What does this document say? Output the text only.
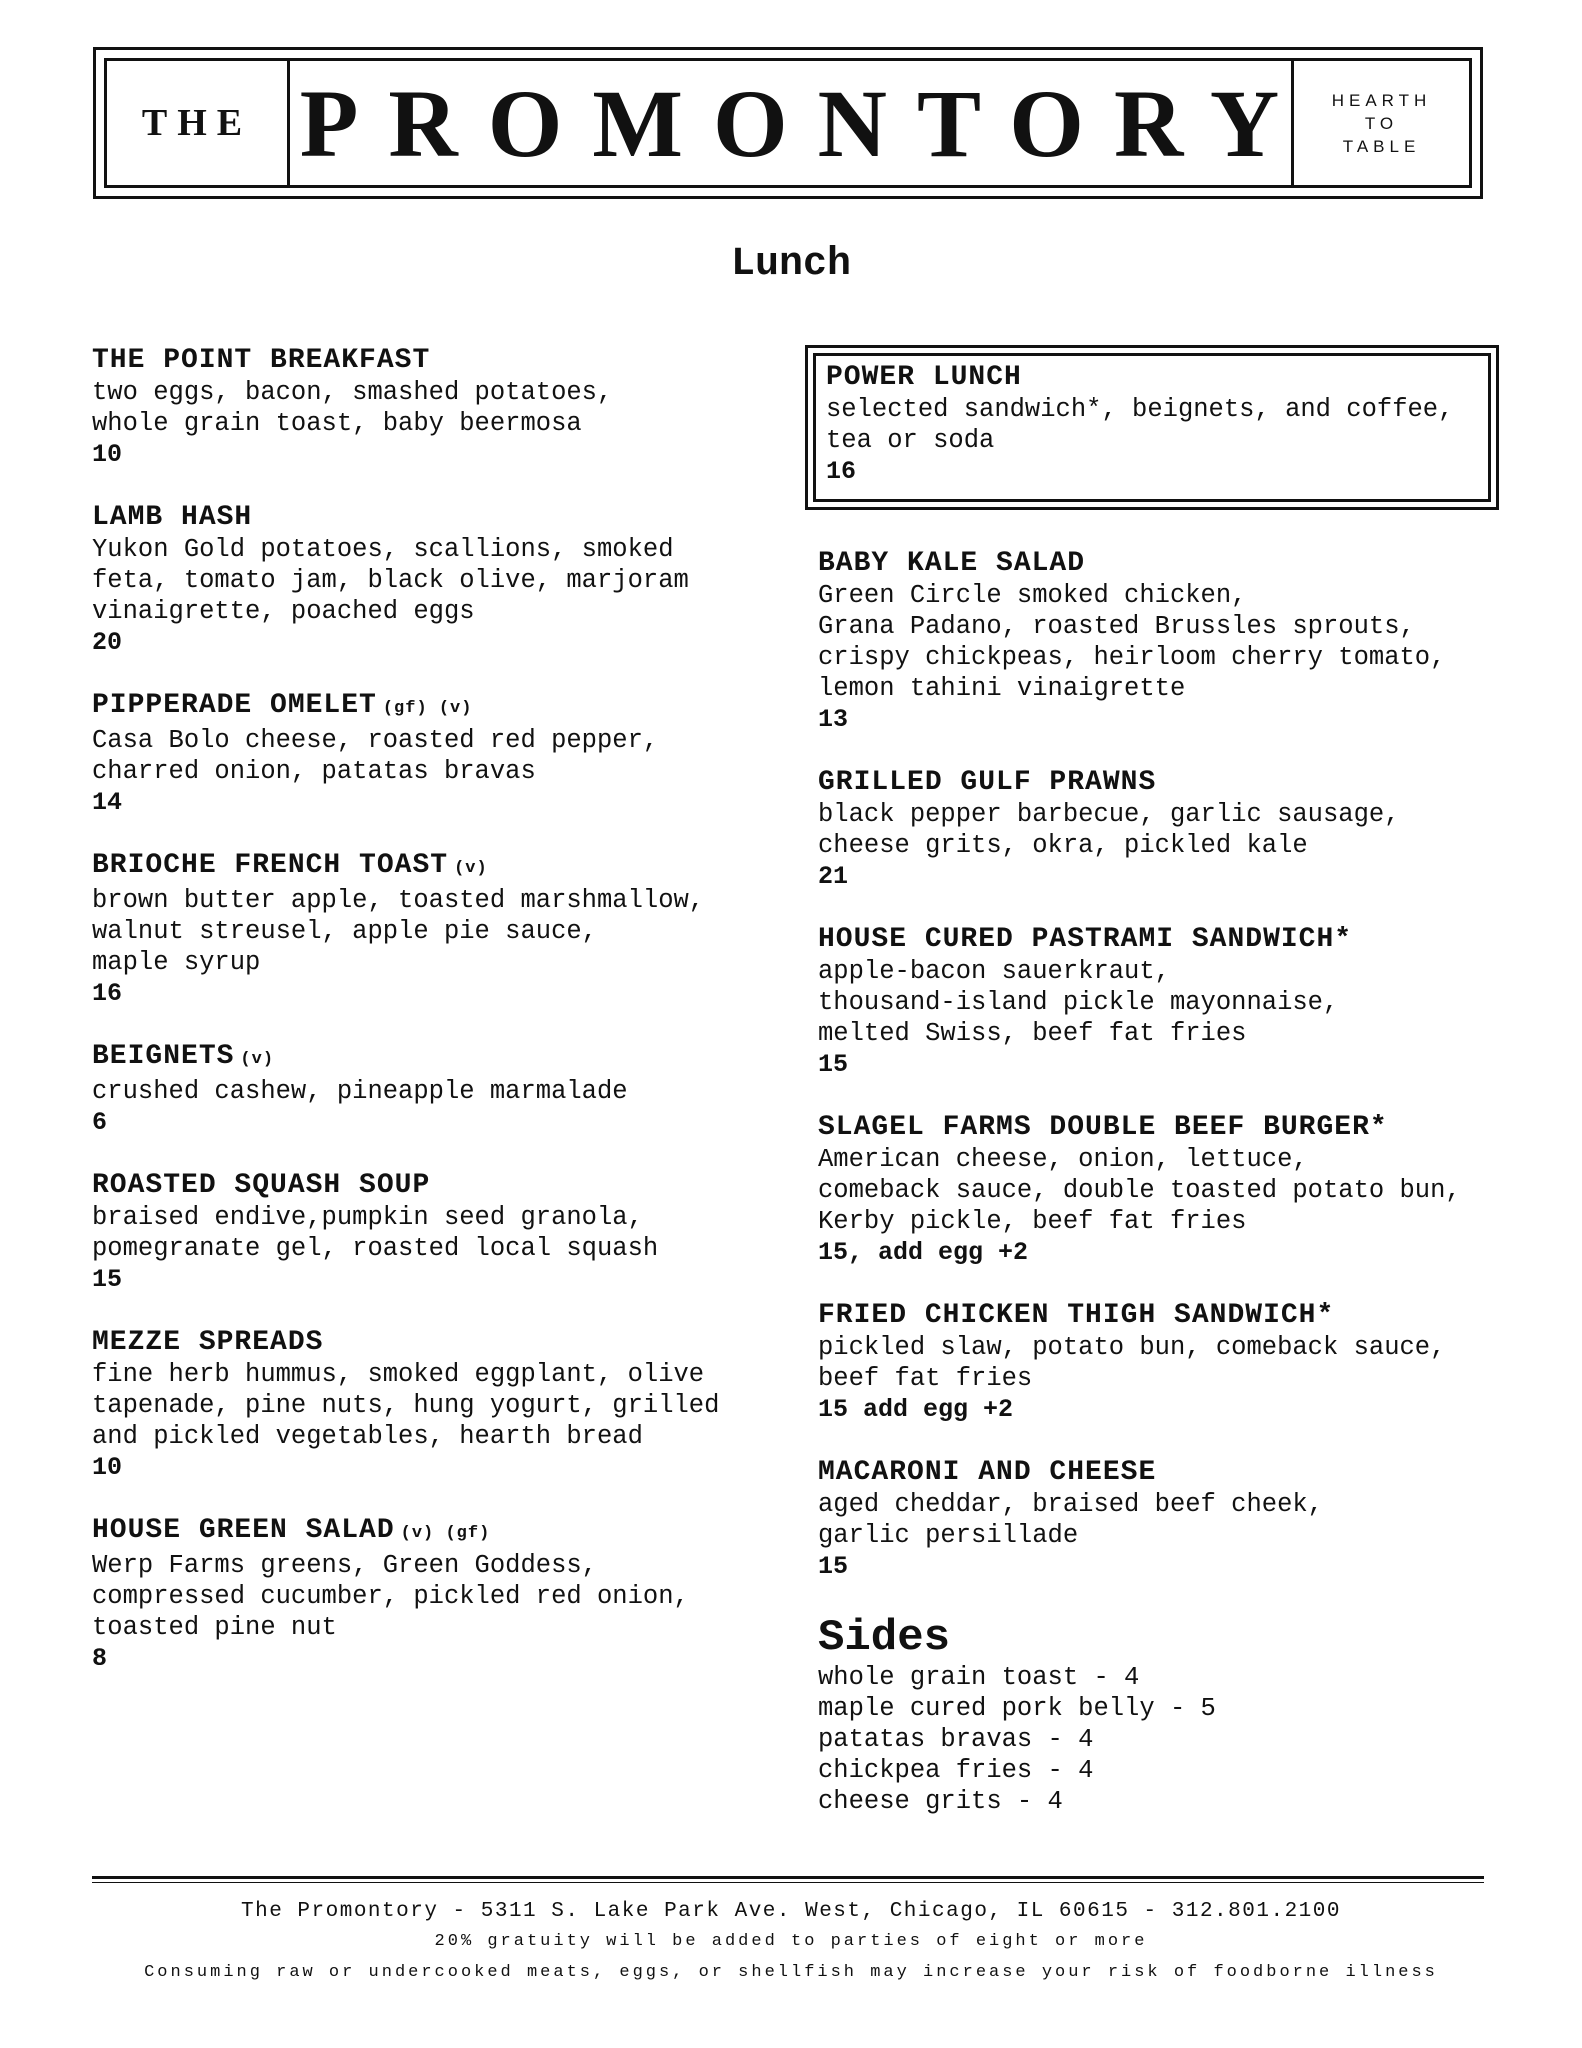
THE PROMONTORY HEARTH
TO
TABLE
Lunch
THE POINT BREAKFAST
two eggs, bacon, smashed potatoes,
whole grain toast, baby beermosa
10
LAMB HASH
Yukon Gold potatoes, scallions, smoked
feta, tomato jam, black olive, marjoram
vinaigrette, poached eggs
20
PIPPERADE OMELET (gf) (v)
Casa Bolo cheese, roasted red pepper,
charred onion, patatas bravas
14
BRIOCHE FRENCH TOAST (v)
brown butter apple, toasted marshmallow,
walnut streusel, apple pie sauce,
maple syrup
16
BEIGNETS (v)
crushed cashew, pineapple marmalade
6
ROASTED SQUASH SOUP
braised endive,pumpkin seed granola,
pomegranate gel, roasted local squash
15
MEZZE SPREADS
fine herb hummus, smoked eggplant, olive
tapenade, pine nuts, hung yogurt, grilled
and pickled vegetables, hearth bread
10
HOUSE GREEN SALAD (v) (gf)
Werp Farms greens, Green Goddess,
compressed cucumber, pickled red onion,
toasted pine nut
8
POWER LUNCH
selected sandwich*, beignets, and coffee,
tea or soda
16
BABY KALE SALAD
Green Circle smoked chicken,
Grana Padano, roasted Brussles sprouts,
crispy chickpeas, heirloom cherry tomato,
lemon tahini vinaigrette
13
GRILLED GULF PRAWNS
black pepper barbecue, garlic sausage,
cheese grits, okra, pickled kale
21
HOUSE CURED PASTRAMI SANDWICH*
apple-bacon sauerkraut,
thousand-island pickle mayonnaise,
melted Swiss, beef fat fries
15
SLAGEL FARMS DOUBLE BEEF BURGER*
American cheese, onion, lettuce,
comeback sauce, double toasted potato bun,
Kerby pickle, beef fat fries
15, add egg +2
FRIED CHICKEN THIGH SANDWICH*
pickled slaw, potato bun, comeback sauce,
beef fat fries
15 add egg +2
MACARONI AND CHEESE
aged cheddar, braised beef cheek,
garlic persillade
15
Sides
whole grain toast - 4
maple cured pork belly - 5
patatas bravas - 4
chickpea fries - 4
cheese grits - 4
The Promontory - 5311 S. Lake Park Ave. West, Chicago, IL 60615 - 312.801.2100
20% gratuity will be added to parties of eight or more
Consuming raw or undercooked meats, eggs, or shellfish may increase your risk of foodborne illness
